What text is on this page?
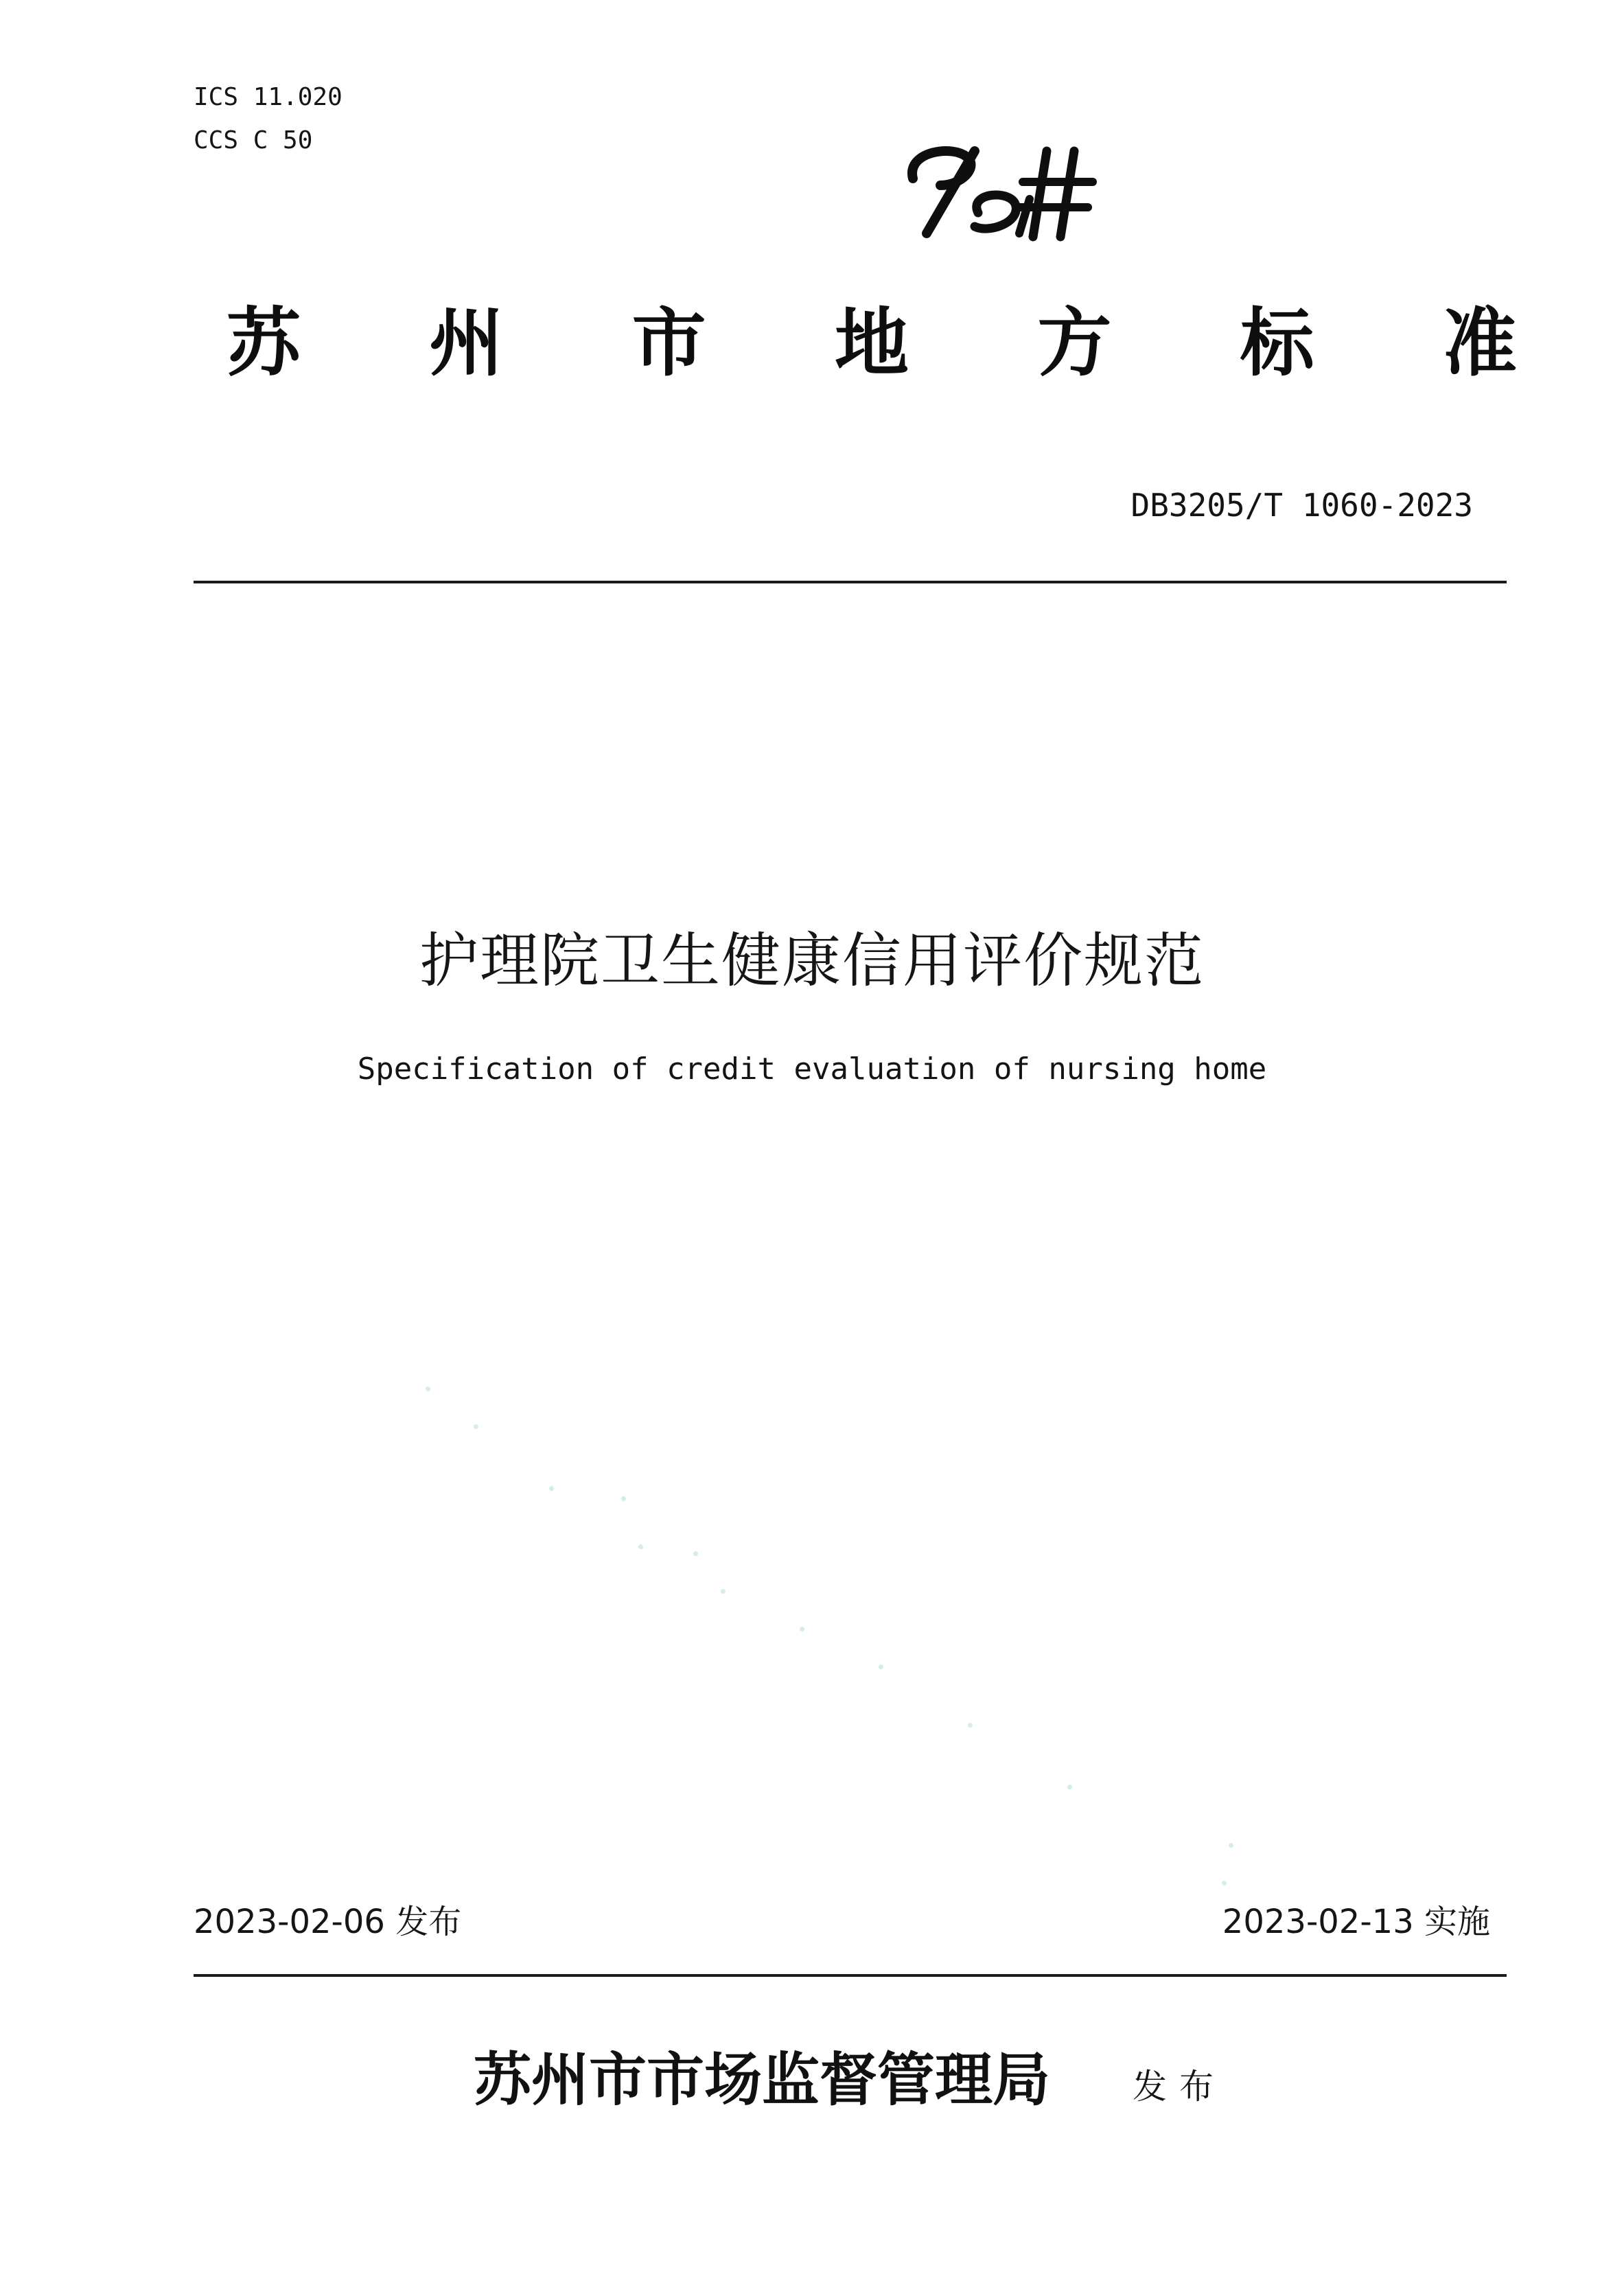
ICS 11.020
CCS C 50
苏 州 市 地 方 标 准
DB3205/T 1060-2023
护理院卫生健康信用评价规范
Specification of credit evaluation of nursing home
2023-02-06 发布	2023-02-13 实施
苏州市市场监督管理局 发布
